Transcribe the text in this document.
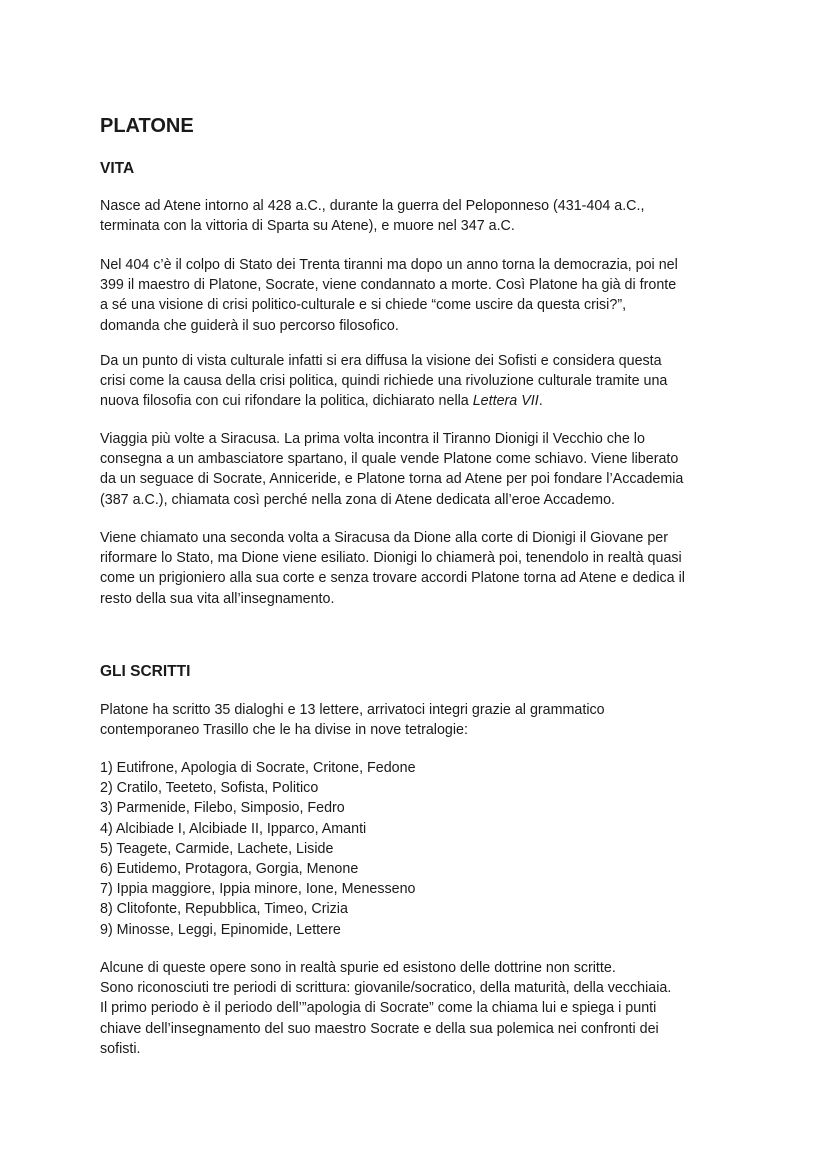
PLATONE
VITA

Nasce ad Atene intorno al 428 a.C., durante la guerra del Peloponneso (431-404 a.C.,
terminata con la vittoria di Sparta su Atene), e muore nel 347 a.C.

Nel 404 c’è il colpo di Stato dei Trenta tiranni ma dopo un anno torna la democrazia, poi nel
399 il maestro di Platone, Socrate, viene condannato a morte. Così Platone ha già di fronte
a sé una visione di crisi politico-culturale e si chiede “come uscire da questa crisi?”,
domanda che guiderà il suo percorso filosofico.

Da un punto di vista culturale infatti si era diffusa la visione dei Sofisti e considera questa
crisi come la causa della crisi politica, quindi richiede una rivoluzione culturale tramite una
nuova filosofia con cui rifondare la politica, dichiarato nella Lettera VII.

Viaggia più volte a Siracusa. La prima volta incontra il Tiranno Dionigi il Vecchio che lo
consegna a un ambasciatore spartano, il quale vende Platone come schiavo. Viene liberato
da un seguace di Socrate, Anniceride, e Platone torna ad Atene per poi fondare l’Accademia
(387 a.C.), chiamata così perché nella zona di Atene dedicata all’eroe Accademo.

Viene chiamato una seconda volta a Siracusa da Dione alla corte di Dionigi il Giovane per
riformare lo Stato, ma Dione viene esiliato. Dionigi lo chiamerà poi, tenendolo in realtà quasi
come un prigioniero alla sua corte e senza trovare accordi Platone torna ad Atene e dedica il
resto della sua vita all’insegnamento.

GLI SCRITTI

Platone ha scritto 35 dialoghi e 13 lettere, arrivatoci integri grazie al grammatico
contemporaneo Trasillo che le ha divise in nove tetralogie:

1) Eutifrone, Apologia di Socrate, Critone, Fedone
2) Cratilo, Teeteto, Sofista, Politico
3) Parmenide, Filebo, Simposio, Fedro
4) Alcibiade I, Alcibiade II, Ipparco, Amanti
5) Teagete, Carmide, Lachete, Liside
6) Eutidemo, Protagora, Gorgia, Menone
7) Ippia maggiore, Ippia minore, Ione, Menesseno
8) Clitofonte, Repubblica, Timeo, Crizia
9) Minosse, Leggi, Epinomide, Lettere

Alcune di queste opere sono in realtà spurie ed esistono delle dottrine non scritte.
Sono riconosciuti tre periodi di scrittura: giovanile/socratico, della maturità, della vecchiaia.
Il primo periodo è il periodo dell’”apologia di Socrate” come la chiama lui e spiega i punti
chiave dell’insegnamento del suo maestro Socrate e della sua polemica nei confronti dei
sofisti.
